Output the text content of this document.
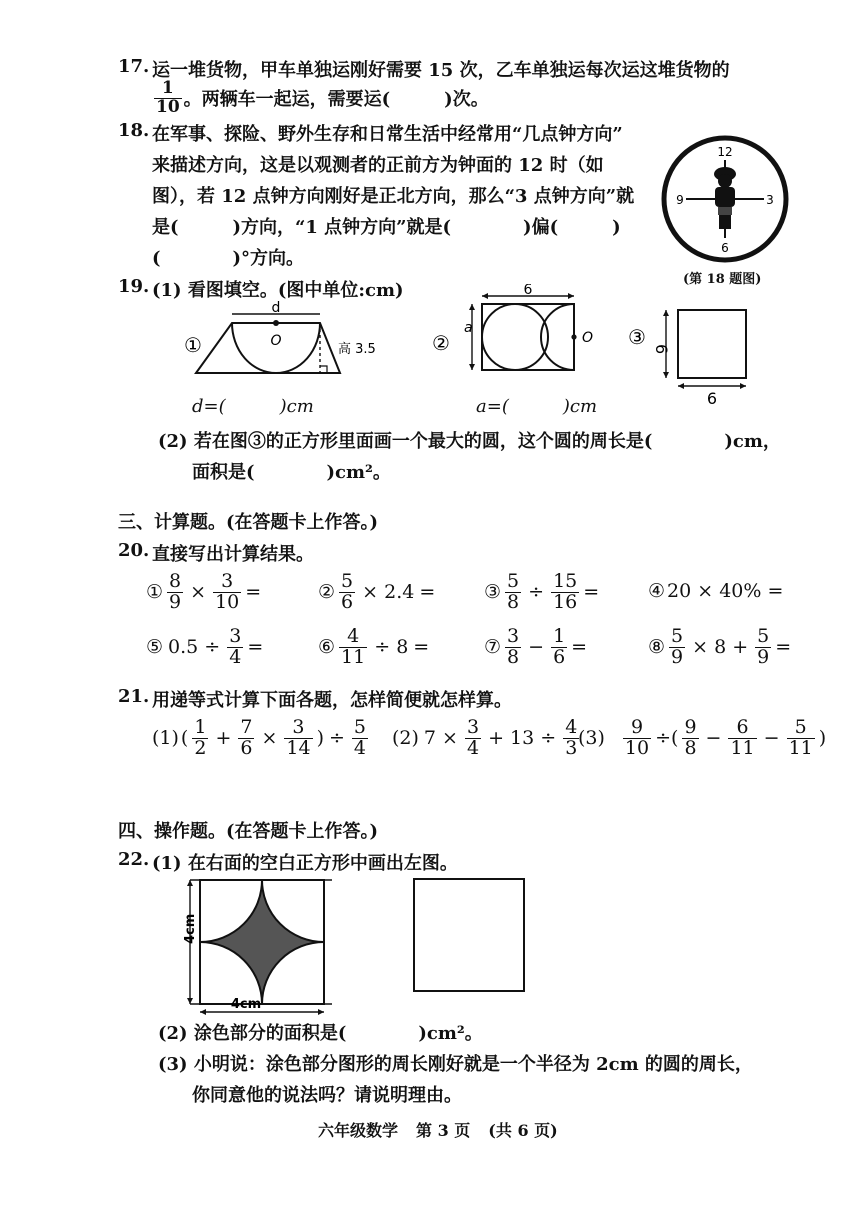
17. 运一堆货物，甲车单独运刚好需要 15 次，乙车单独运每次运这堆货物的
$\frac{1}{10}$ 。两辆车一起运，需要运(　　　)次。
18. 在军事、探险、野外生存和日常生活中经常用“几点钟方向”
来描述方向，这是以观测者的正前方为钟面的 12 时（如
图），若 12 点钟方向刚好是正北方向，那么“3 点钟方向”就
是(　　　)方向，“1 点钟方向”就是(　　　　)偏(　　　)
(　　　　)°方向。
12
3
6
9
(第 18 题图)
19. (1) 看图填空。(图中单位:cm)
①
d
O
高 3.5
d=(　　　)cm
②
6
O
a
a=(　　　)cm
③
6
6
(2) 若在图③的正方形里面画一个最大的圆，这个圆的周长是(　　　　)cm，
面积是(　　　　)cm²。
三、计算题。(在答题卡上作答。)
20. 直接写出计算结果。
① $\frac{8}{9} \times \frac{3}{10}$ =	② $\frac{5}{6} \times 2.4$ =	③ $\frac{5}{8} \div \frac{15}{16}$ =	④ 20 × 40% =
⑤ $0.5 \div \frac{3}{4}$ =	⑥ $\frac{4}{11} \div 8$ =	⑦ $\frac{3}{8} - \frac{1}{6}$ =	⑧ $\frac{5}{9} \times 8 + \frac{5}{9}$ =
21. 用递等式计算下面各题，怎样简便就怎样算。
(1) ( $\frac{1}{2} + \frac{7}{6} \times \frac{3}{14}$ ) ÷ $\frac{5}{4} (2) 7 \times \frac{3}{4} + 13 \div \frac{4}{3}$
$(3) \frac{9}{10}$ ÷( $\frac{9}{8} - \frac{6}{11} - \frac{5}{11}$ )
四、操作题。(在答题卡上作答。)
22. (1) 在右面的空白正方形中画出左图。
4cm
4cm
(2) 涂色部分的面积是(　　　　)cm²。
(3) 小明说：涂色部分图形的周长刚好就是一个半径为 2cm 的圆的周长，
你同意他的说法吗？请说明理由。
六年级数学 第 3 页 (共 6 页)
